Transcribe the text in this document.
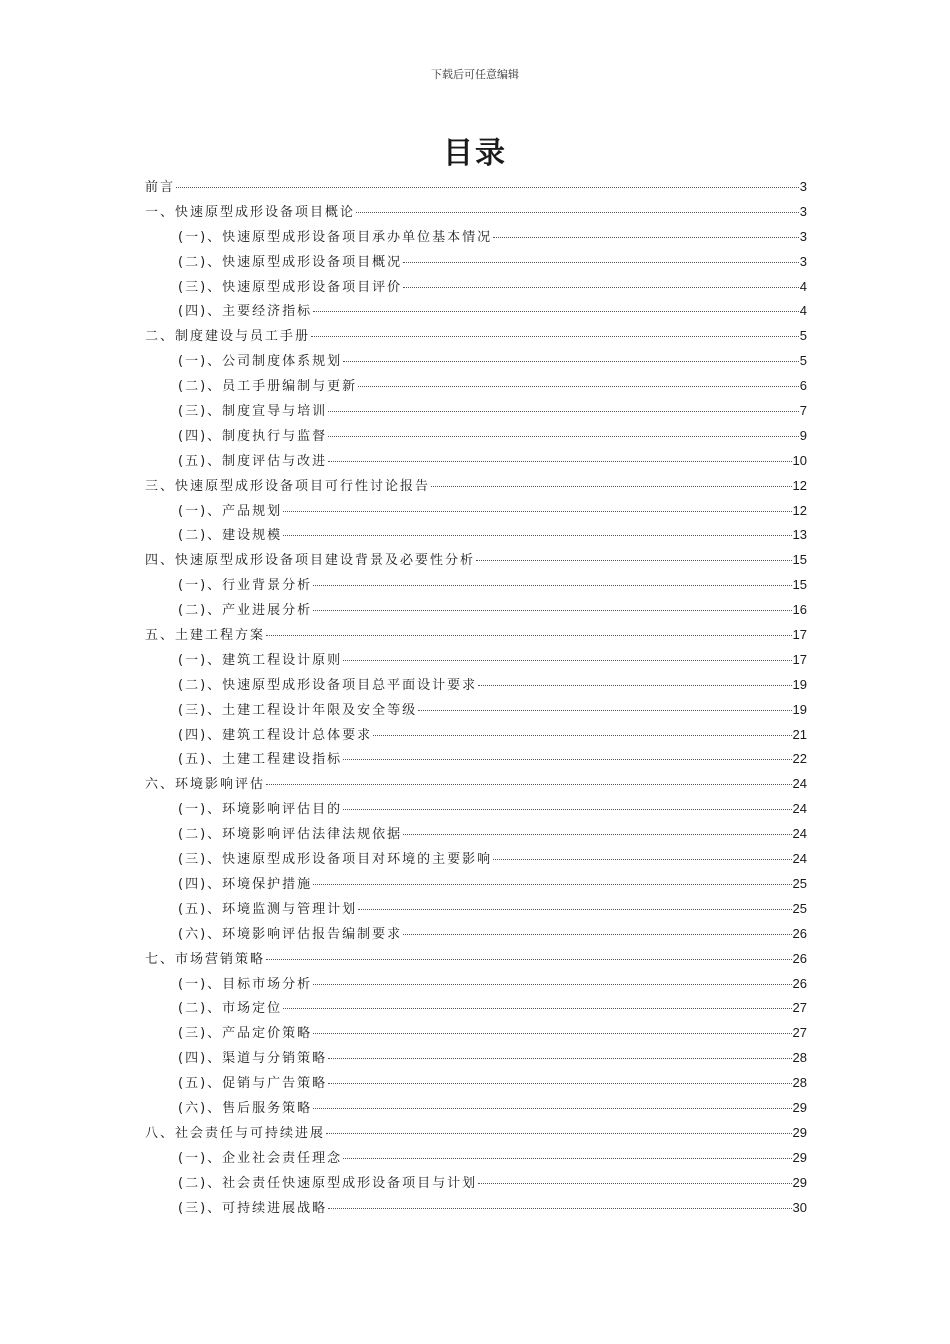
下载后可任意编辑
目录
前言	3
一、快速原型成形设备项目概论	3
(一)、快速原型成形设备项目承办单位基本情况	3
(二)、快速原型成形设备项目概况	3
(三)、快速原型成形设备项目评价	4
(四)、主要经济指标	4
二、制度建设与员工手册	5
(一)、公司制度体系规划	5
(二)、员工手册编制与更新	6
(三)、制度宣导与培训	7
(四)、制度执行与监督	9
(五)、制度评估与改进	10
三、快速原型成形设备项目可行性讨论报告	12
(一)、产品规划	12
(二)、建设规模	13
四、快速原型成形设备项目建设背景及必要性分析	15
(一)、行业背景分析	15
(二)、产业进展分析	16
五、土建工程方案	17
(一)、建筑工程设计原则	17
(二)、快速原型成形设备项目总平面设计要求	19
(三)、土建工程设计年限及安全等级	19
(四)、建筑工程设计总体要求	21
(五)、土建工程建设指标	22
六、环境影响评估	24
(一)、环境影响评估目的	24
(二)、环境影响评估法律法规依据	24
(三)、快速原型成形设备项目对环境的主要影响	24
(四)、环境保护措施	25
(五)、环境监测与管理计划	25
(六)、环境影响评估报告编制要求	26
七、市场营销策略	26
(一)、目标市场分析	26
(二)、市场定位	27
(三)、产品定价策略	27
(四)、渠道与分销策略	28
(五)、促销与广告策略	28
(六)、售后服务策略	29
八、社会责任与可持续进展	29
(一)、企业社会责任理念	29
(二)、社会责任快速原型成形设备项目与计划	29
(三)、可持续进展战略	30
